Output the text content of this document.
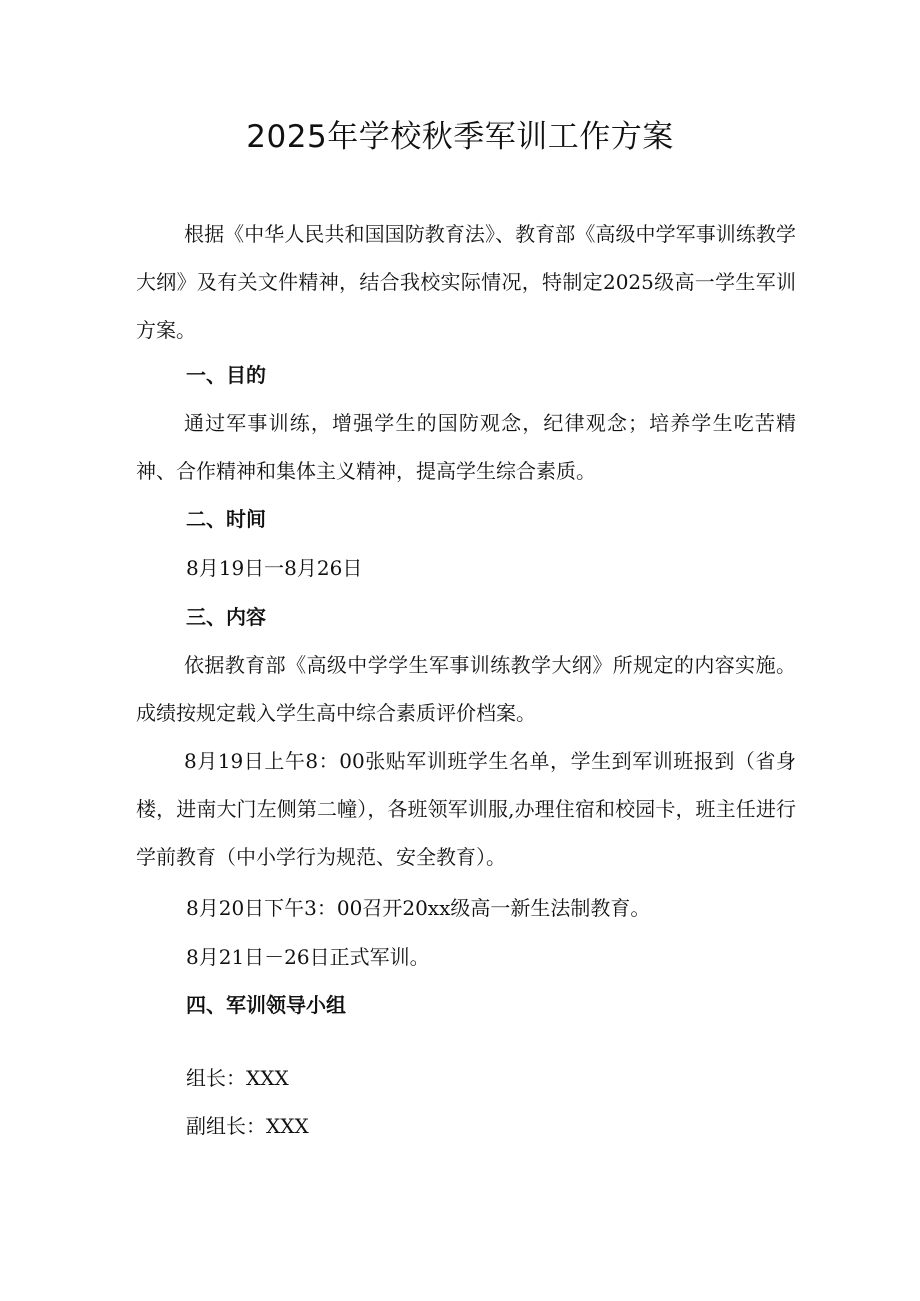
2025年学校秋季军训工作方案
根据《中华人民共和国国防教育法》、教育部《高级中学军事训练教学大纲》及有关文件精神，结合我校实际情况，特制定2025级高一学生军训方案。
一、目的
通过军事训练，增强学生的国防观念，纪律观念；培养学生吃苦精神、合作精神和集体主义精神，提高学生综合素质。
二、时间
8月19日一8月26日
三、内容
依据教育部《高级中学学生军事训练教学大纲》所规定的内容实施。成绩按规定载入学生高中综合素质评价档案。
8月19日上午8：00张贴军训班学生名单，学生到军训班报到（省身楼，进南大门左侧第二幢），各班领军训服,办理住宿和校园卡，班主任进行学前教育（中小学行为规范、安全教育）。
8月20日下午3：00召开20xx级高一新生法制教育。
8月21日－26日正式军训。
四、军训领导小组
组长：XXX
副组长：XXX
